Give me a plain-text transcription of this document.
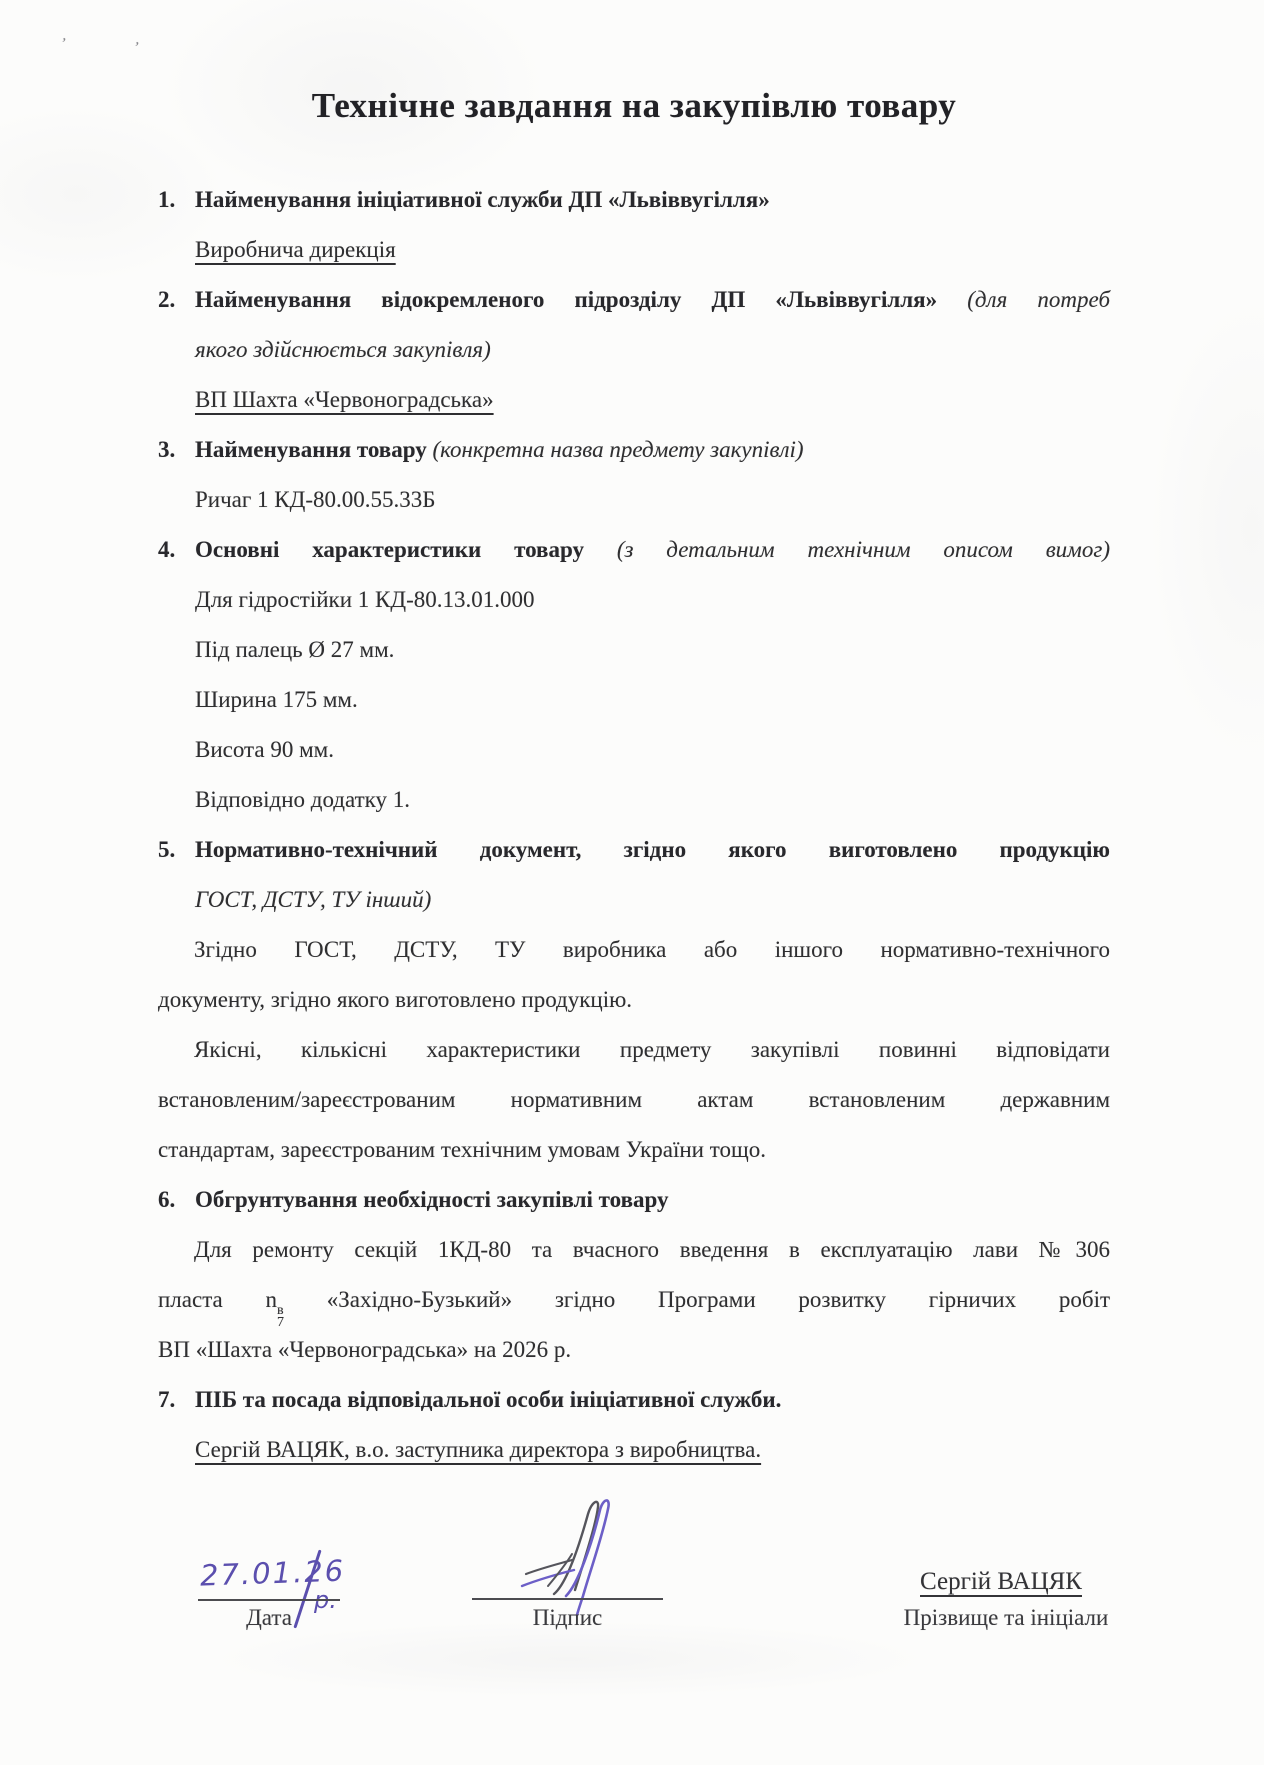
’	’
Технічне завдання на закупівлю товару
1. Найменування ініціативної служби ДП «Львіввугілля»
Виробнича дирекція
2. Найменування відокремленого підрозділу ДП «Львіввугілля» (для потреб
якого здійснюється закупівля)
ВП Шахта «Червоноградська»
3. Найменування товару (конкретна назва предмету закупівлі)
Ричаг 1 КД-80.00.55.33Б
4. Основні характеристики товару (з детальним технічним описом вимог)
Для гідростійки 1 КД-80.13.01.000
Під палець Ø 27 мм.
Ширина 175 мм.
Висота 90 мм.
Відповідно додатку 1.
5. Нормативно-технічний документ, згідно якого виготовлено продукцію
ГОСТ, ДСТУ, ТУ інший)
Згідно ГОСТ, ДСТУ, ТУ виробника або іншого нормативно-технічного
документу, згідно якого виготовлено продукцію.
Якісні, кількісні характеристики предмету закупівлі повинні відповідати
встановленим/зареєстрованим нормативним актам встановленим державним
стандартам, зареєстрованим технічним умовам України тощо.
6. Обгрунтування необхідності закупівлі товару
Для ремонту секцій 1КД-80 та вчасного введення в експлуатацію лави №306
пласта n в
7
«Західно-Бузький» згідно Програми розвитку гірничих робіт
ВП «Шахта «Червоноградська» на 2026 р.
7. ПІБ та посада відповідальної особи ініціативної служби.
Сергій ВАЦЯК, в.о. заступника директора з виробництва.
27.01.26
р.
Сергій ВАЦЯК
Дата	Підпис	Прізвище та ініціали
